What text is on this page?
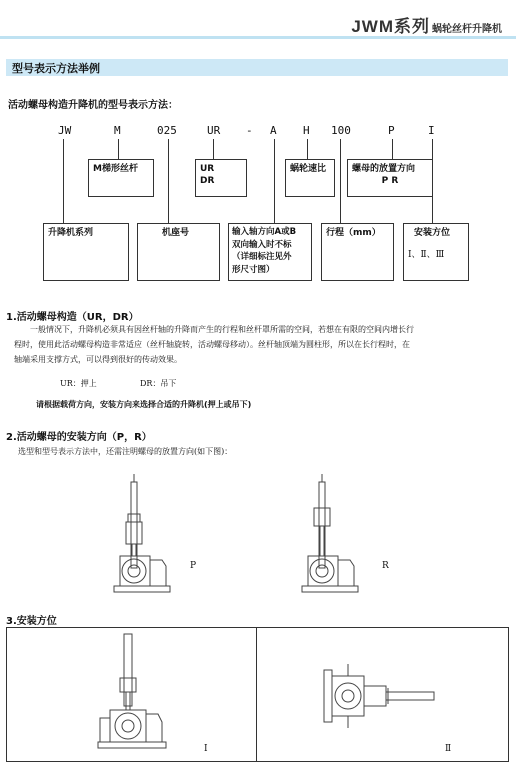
JWM系列 蜗轮丝杆升降机
型号表示方法举例
活动螺母构造升降机的型号表示方法：
JW	M	025	UR - A H 100	P	I
M梯形丝杆	UR
DR
蜗轮速比	螺母的放置方向
P R
升降机系列	机座号	输入轴方向A或B
双向输入时不标
（详细标注见外
形尺寸图）
行程（mm）	安装方位
Ⅰ、Ⅱ、Ⅲ
1.活动螺母构造（UR，DR）
一般情况下，升降机必须具有因丝杆轴的升降而产生的行程和丝杆罩所需的空间，若想在有限的空间内增长行
程时，使用此活动螺母构造非常适应（丝杆轴旋转，活动螺母移动）。丝杆轴顶端为圆柱形，所以在长行程时，在
轴端采用支撑方式，可以得到很好的传动效果。
UR：押上	DR：吊下
请根据载荷方向，安装方向来选择合适的升降机(押上或吊下)
2.活动螺母的安装方向（P，R）
选型和型号表示方法中，还需注明螺母的放置方向(如下图)：
P	R
3.安装方位
Ⅰ	Ⅱ
